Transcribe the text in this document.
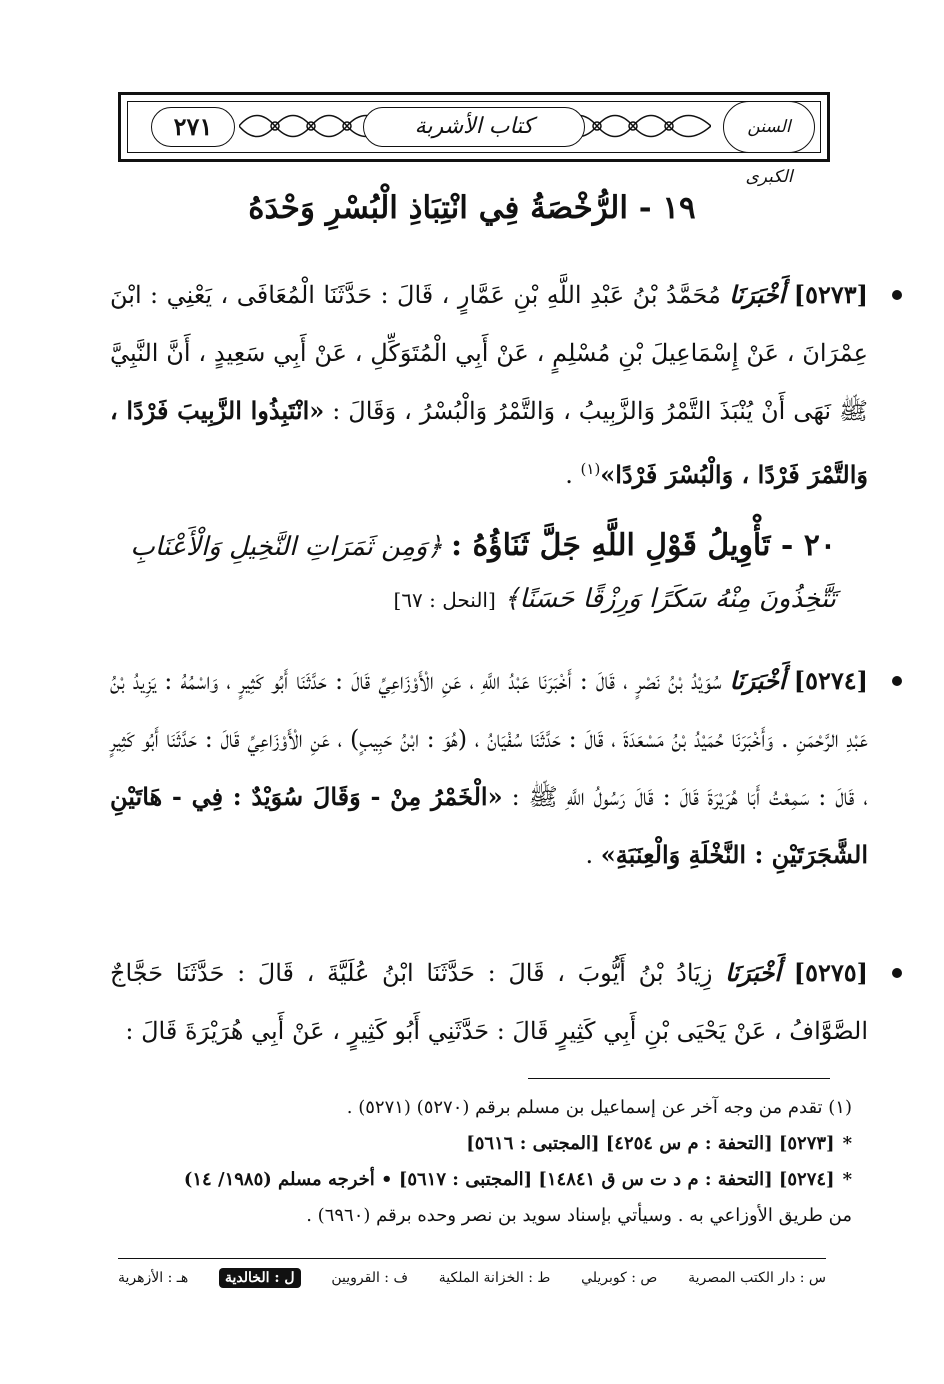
٢٧١	كتاب الأشربة	السنن الكبرى
١٩ - الرُّخْصَةُ فِي انْتِبَاذِ الْبُسْرِ وَحْدَهُ
[٥٢٧٣] أَخْبَرَنَا مُحَمَّدُ بْنُ عَبْدِ اللَّهِ بْنِ عَمَّارٍ ، قَالَ : حَدَّثَنَا الْمُعَافَى ، يَعْنِي : ابْنَ عِمْرَانَ ، عَنْ إِسْمَاعِيلَ بْنِ مُسْلِمٍ ، عَنْ أَبِي الْمُتَوَكِّلِ ، عَنْ أَبِي سَعِيدٍ ، أَنَّ النَّبِيَّ ﷺ نَهَى أَنْ يُنْبَذَ التَّمْرُ وَالزَّبِيبُ ، وَالتَّمْرُ وَالْبُسْرُ ، وَقَالَ : «انْتَبِذُوا الزَّبِيبَ فَرْدًا ، وَالتَّمْرَ فَرْدًا ، وَالْبُسْرَ فَرْدًا»$^{(١)}$ .
٢٠ - تَأْوِيلُ قَوْلِ اللَّهِ جَلَّ ثَنَاؤُهُ : ﴿وَمِن ثَمَرَاتِ النَّخِيلِ وَالْأَعْنَابِ تَتَّخِذُونَ مِنْهُ سَكَرًا وَرِزْقًا حَسَنًا﴾ [النحل : ٦٧]
[٥٢٧٤] أَخْبَرَنَا سُوَيْدُ بْنُ نَصْرٍ ، قَالَ : أَخْبَرَنَا عَبْدُ اللَّهِ ، عَنِ الْأَوْزَاعِيِّ قَالَ : حَدَّثَنَا أَبُو كَثِيرٍ ، وَاسْمُهُ : يَزِيدُ بْنُ عَبْدِ الرَّحْمَنِ . وَأَخْبَرَنَا حُمَيْدُ بْنُ مَسْعَدَةَ ، قَالَ : حَدَّثَنَا سُفْيَانُ ، (هُوَ : ابْنُ حَبِيبٍ) ، عَنِ الْأَوْزَاعِيِّ قَالَ : حَدَّثَنَا أَبُو كَثِيرٍ ، قَالَ : سَمِعْتُ أَبَا هُرَيْرَةَ قَالَ : قَالَ رَسُولُ اللَّهِ ﷺ : «الْخَمْرُ مِنْ - وَقَالَ سُوَيْدٌ : فِي - هَاتَيْنِ الشَّجَرَتَيْنِ : النَّخْلَةِ وَالْعِنَبَةِ» .
[٥٢٧٥] أَخْبَرَنَا زِيَادُ بْنُ أَيُّوبَ ، قَالَ : حَدَّثَنَا ابْنُ عُلَيَّةَ ، قَالَ : حَدَّثَنَا حَجَّاجٌ الصَّوَّافُ ، عَنْ يَحْيَى بْنِ أَبِي كَثِيرٍ قَالَ : حَدَّثَنِي أَبُو كَثِيرٍ ، عَنْ أَبِي هُرَيْرَةَ قَالَ :
(١) تقدم من وجه آخر عن إسماعيل بن مسلم برقم (٥٢٧٠) (٥٢٧١) .
*[٥٢٧٣] [التحفة : م س ٤٢٥٤] [المجتبى : ٥٦١٦]
*[٥٢٧٤] [التحفة : م د ت س ق ١٤٨٤١] [المجتبى : ٥٦١٧] • أخرجه مسلم (١٩٨٥/ ١٤)
من طريق الأوزاعي به . وسيأتي بإسناد سويد بن نصر وحده برقم (٦٩٦٠) .
س : دار الكتب المصرية
ص : كوبريلي
ط : الخزانة الملكية
ف : القرويين
ل : الخالدية
هـ : الأزهرية
